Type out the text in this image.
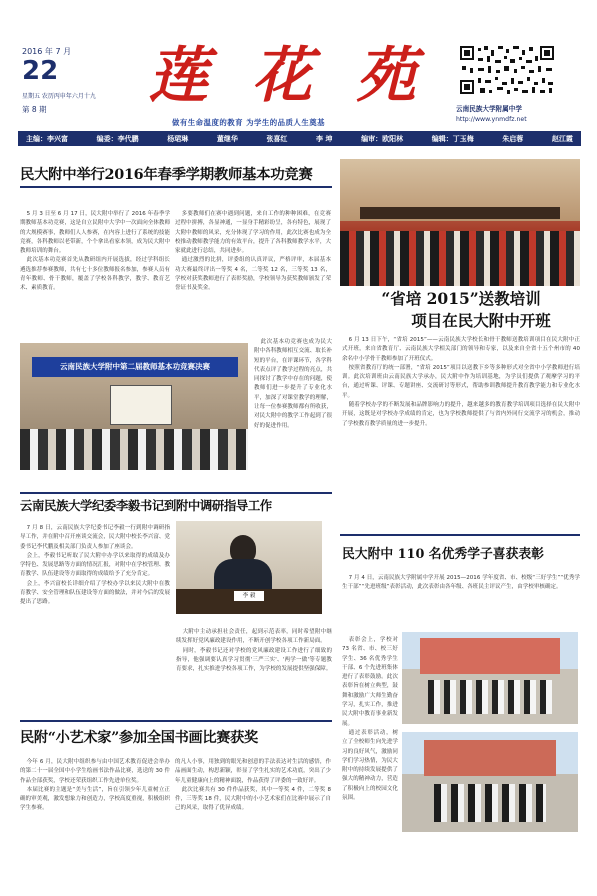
2016 年 7 月
22
星期五 农历丙申年六月十九
第 8 期 莲 花 苑
做有生命温度的教育 为学生的品质人生奠基
云南民族大学附属中学
http://www.ynmdfz.net
主编：李兴富	编委：李代鹏	杨珺琳	董继华	张喜红	李 坤	编审：欧阳林	编辑：丁玉梅	朱启蓉	赵江霞
民大附中举行2016年春季学期教师基本功竞赛

5 月 3 日至 6 月 17 日，民大附中举行了 2016 年春季学期教师基本功竞赛，这是自立民附中大学中一次面向全体教师的大规模赛事，教师们人人参赛，在内容上进行了系统的技能竞赛，各科教师以老带新，个个拿出看家本领，成为民大附中教师培训的舞台。

此次基本功竞赛首先从教研组内开展选拔，经过学科组长遴选推荐参赛教师，共有七十多位教师报名参加，参赛人员有青年教师、骨干教师，覆盖了学校各科教学，教学、教育艺术、素质教育。

多要教师们在赛中遇到问题，来自工作的种种困难，在竞赛过程中拼搏，各显神通，一显身手精彩纷呈，各有特色，展现了大附中教师的风采，充分体现了学习的作用，此次比赛也成为全校推动教师教学能力的有效平台，提升了各科教师教学水平，大家就此进行总结，共同进步。

通过激烈的比拼，评委组的认真评议，严格评审，本届基本功大赛最终评出一等奖 4 名，二等奖 12 名，三等奖 13 名，学校对获奖教师进行了表彰奖励，学校领导为获奖教师颁发了荣誉证书及奖金。

此次基本功竞赛也成为民大附中各科教师相互交流、取长补短的平台，在评课环节，各学科代表点评了教学过程的亮点，共同探讨了教学中存在的问题，使教师们进一步提升了专业化水平，加深了对课堂教学的理解，让每一位参赛教师都有所收获，对民大附中的教学工作起到了很好的促进作用。

云南民族大学附中第二届教师基本功竞赛决赛
云南民族大学纪委李毅书记到附中调研指导工作

7 月 8 日，云南民族大学纪委书记李毅一行到附中调研指导工作，并在附中召开座谈交流会，民大附中校长李兴富、党委书记李代鹏及相关部门负责人参加了座谈会。

会上，李毅书记听取了民大附中办学以来取得的成绩及办学特色、发展思路等方面的情况汇报，对附中在学校管理、教育教学、队伍建设等方面取得的成绩给予了充分肯定。

会上，李兴富校长详细介绍了学校办学以来民大附中在教育教学、安全管理和队伍建设等方面的做法，并对今后的发展提出了思路。

李 毅

大附中主动承担社会责任，起到示范表率，同时希望附中继续发挥好党风廉政建设作用，不断开创学校各项工作新局面。

同时，李毅书记还对学校的党风廉政建设工作进行了细致的指导，他强调要认真学习贯彻'三严三实'、'两学一做'等专题教育要求，扎实推进学校各项工作，为学校的发展提供坚强保障。

民附“小艺术家”参加全国书画比赛获奖

今年 6 月，民大附中组织参与由中国艺术教育促进会举办的第二十一届全国中小学生绘画书法作品比赛，选送的 30 件作品全部获奖，学校还荣获组织工作先进单位奖。

本届比赛的主题是“美与生活”，旨在引领少年儿童树立正确的审美观，激发想象力和创造力，学校高度重视，积极组织学生参赛。

的凡人小事，用独到的眼光和创意的手法表达对生活的感悟，作品画面生动，构思新颖，彰显了学生扎实的艺术功底，突出了少年儿童健康向上的精神面貌，作品获得了评委的一致好评。

此次比赛共有 30 件作品获奖，其中一等奖 4 件，二等奖 8 件，三等奖 18 件，民大附中的小小艺术家们在比赛中展示了自己的风采，取得了优异成绩。

“省培 2015”送教培训
项目在民大附中开班

6 月 13 日下午，“省培 2015”——云南民族大学校长和骨干教师送教培训项目在民大附中正式开班，来自省教育厅、云南民族大学相关部门的领导和专家，以及来自全省十五个州市的 40 余名中小学骨干教师参加了开班仪式。

按照省教育厅的统一部署，“省培 2015”项目以送教下乡等多种形式对全省中小学教师进行培训。此次培训班由云南民族大学承办，民大附中作为培训基地，为学员们提供了观摩学习的平台，通过听课、评课、专题讲座、交流研讨等形式，帮助参训教师提升教育教学能力和专业化水平。

随着学校办学的不断发展和品牌影响力的提升，越来越多的教育教学培训项目选择在民大附中开展，这既是对学校办学成绩的肯定，也为学校教师提供了与省内外同行交流学习的机会，推动了学校教育教学质量的进一步提升。

民大附中 110 名优秀学子喜获表彰

7 月 4 日，云南民族大学附属中学开展 2015—2016 学年度省、市、校级“三好学生”“优秀学生干部”“先进班级”表彰活动，此次表彰由各年级、各班民主评议产生，由学校审核确定。

表彰会上，学校对 73 名省、市、校三好学生、36 名优秀学生干部、6 个先进班集体进行了表彰鼓励。此次表彰旨在树立典型，鼓舞和激励广大师生勤奋学习，扎实工作，推进民大附中教育事业新发展。

通过表彰活动，树立了全校师生向先进学习的良好风气，激励同学们学习热情，为民大附中的持续发展提供了强大的精神动力，营造了积极向上的校园文化氛围。
